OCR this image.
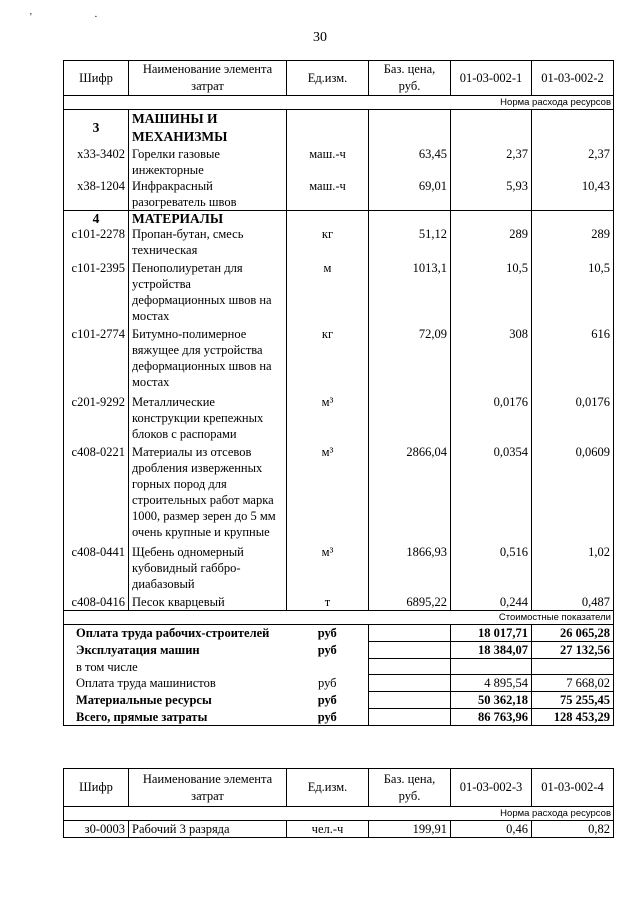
' ·
30
Шифр	Наименование элемента затрат	Ед.изм.	Баз. цена, руб.	01-03-002-1	01-03-002-2
Норма расхода ресурсов					
3	МАШИНЫ И МЕХАНИЗМЫ				
х33-3402	Горелки газовые инжекторные	маш.-ч	63,45	2,37	2,37
х38-1204	Инфракрасный разогреватель швов	маш.-ч	69,01	5,93	10,43
4	МАТЕРИАЛЫ				
с101-2278	Пропан-бутан, смесь техническая	кг	51,12	289	289
с101-2395	Пенополиуретан для устройства деформационных швов на мостах	м	1013,1	10,5	10,5
с101-2774	Битумно-полимерное вяжущее для устройства деформационных швов на мостах	кг	72,09	308	616
с201-9292	Металлические конструкции крепежных блоков с распорами	м³		0,0176	0,0176
с408-0221	Материалы из отсевов дробления изверженных горных пород для строительных работ марка 1000, размер зерен до 5 мм очень крупные и крупные	м³	2866,04	0,0354	0,0609
с408-0441	Щебень одномерный кубовидный габбро-диабазовый	м³	1866,93	0,516	1,02
с408-0416	Песок кварцевый	т	6895,22	0,244	0,487
Стоимостные показатели					
Оплата труда рабочих-строителей		руб		18 017,71	26 065,28
Эксплуатация машин		руб		18 384,07	27 132,56
в том числе					
Оплата труда машинистов		руб		4 895,54	7 668,02
Материальные ресурсы		руб		50 362,18	75 255,45
Всего, прямые затраты		руб		86 763,96	128 453,29
Шифр	Наименование элемента затрат	Ед.изм.	Баз. цена, руб.	01-03-002-3	01-03-002-4
Норма расхода ресурсов					
з0-0003	Рабочий 3 разряда	чел.-ч	199,91	0,46	0,82
